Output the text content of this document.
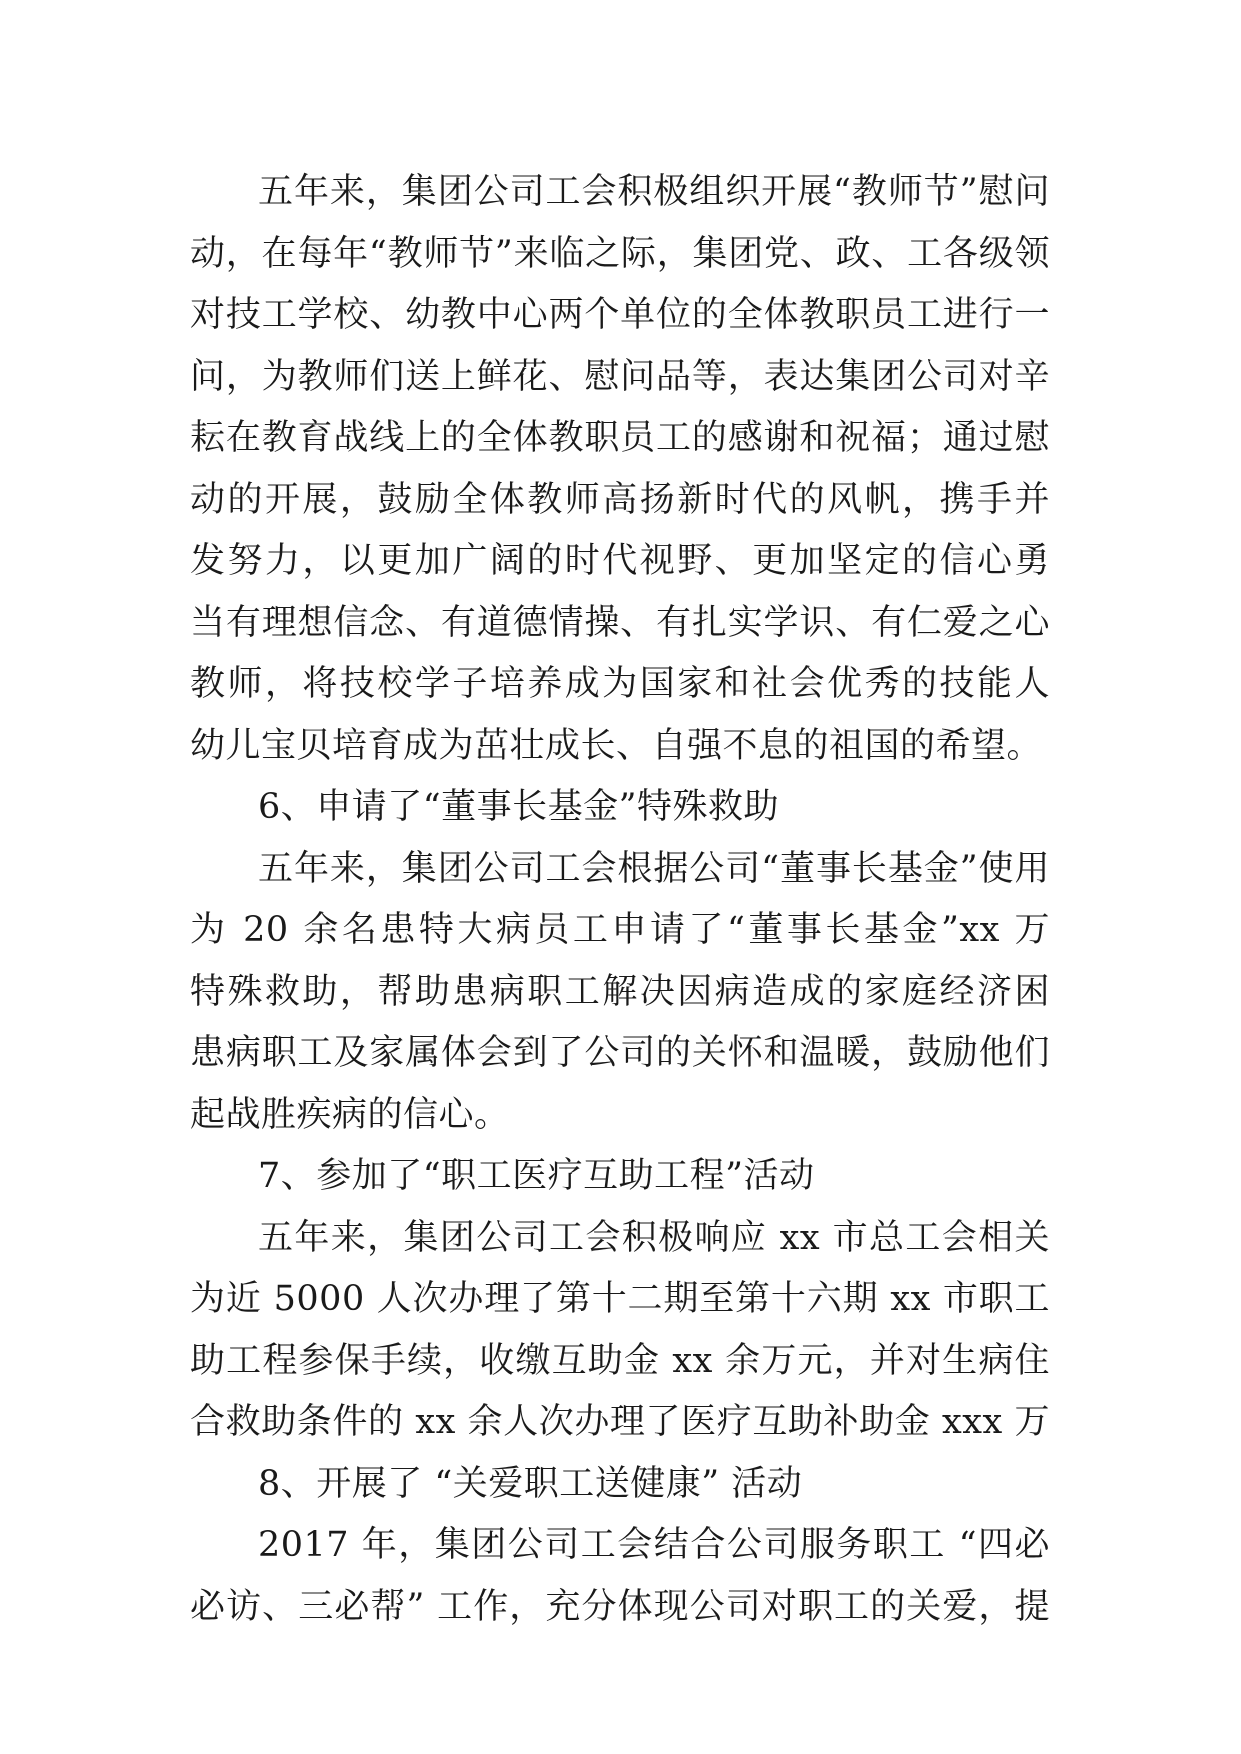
五年来，集团公司工会积极组织开展“教师节”慰问
动，在每年“教师节”来临之际，集团党、政、工各级领
对技工学校、幼教中心两个单位的全体教职员工进行一
问，为教师们送上鲜花、慰问品等，表达集团公司对辛
耘在教育战线上的全体教职员工的感谢和祝福；通过慰
动的开展，鼓励全体教师高扬新时代的风帆，携手并
发努力，以更加广阔的时代视野、更加坚定的信心勇
当有理想信念、有道德情操、有扎实学识、有仁爱之心
教师，将技校学子培养成为国家和社会优秀的技能人
幼儿宝贝培育成为茁壮成长、自强不息的祖国的希望。
6、申请了“董事长基金”特殊救助
五年来，集团公司工会根据公司“董事长基金”使用
为 20 余名患特大病员工申请了“董事长基金”xx 万
特殊救助，帮助患病职工解决因病造成的家庭经济困
患病职工及家属体会到了公司的关怀和温暖，鼓励他们
起战胜疾病的信心。
7、参加了“职工医疗互助工程”活动
五年来，集团公司工会积极响应 xx 市总工会相关
为近 5000 人次办理了第十二期至第十六期 xx 市职工
助工程参保手续，收缴互助金 xx 余万元，并对生病住
合救助条件的 xx 余人次办理了医疗互助补助金 xxx 万
8、开展了 “关爱职工送健康” 活动
2017 年，集团公司工会结合公司服务职工 “四必
必访、三必帮” 工作，充分体现公司对职工的关爱，提
